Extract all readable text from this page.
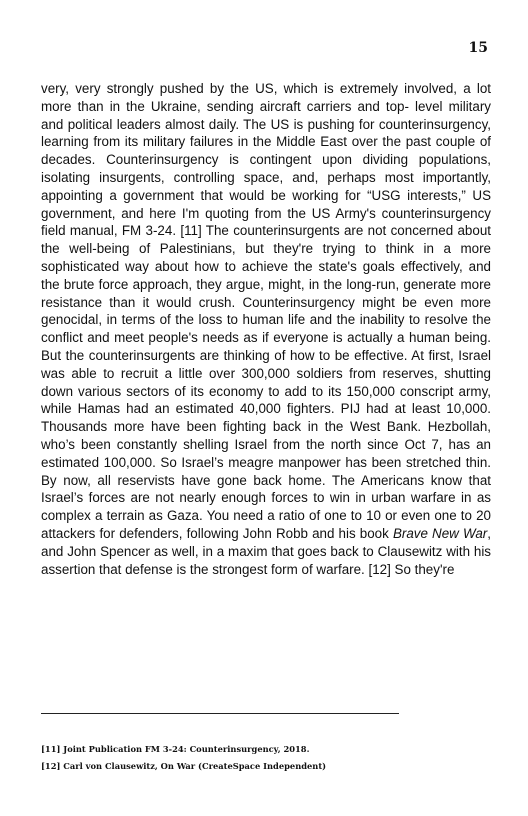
15

very, very strongly pushed by the US, which is extremely involved, a lot more than in the Ukraine, sending aircraft carriers and top- level military and political leaders almost daily. The US is pushing for counterinsurgency, learning from its military failures in the Middle East over the past couple of decades. Counterinsurgency is contingent upon dividing populations, isolating insurgents, controlling space, and, perhaps most importantly, appointing a government that would be working for “USG interests,” US government, and here I'm quoting from the US Army's counterinsurgency field manual, FM 3-24. [11] The counterinsurgents are not concerned about the well-being of Palestinians, but they're trying to think in a more sophisticated way about how to achieve the state's goals effectively, and the brute force approach, they argue, might, in the long-run, generate more resistance than it would crush. Counterinsurgency might be even more genocidal, in terms of the loss to human life and the inability to resolve the conflict and meet people's needs as if everyone is actually a human being. But the counterinsurgents are thinking of how to be effective. At first, Israel was able to recruit a little over 300,000 soldiers from reserves, shutting down various sectors of its economy to add to its 150,000 conscript army, while Hamas had an estimated 40,000 fighters. PIJ had at least 10,000. Thousands more have been fighting back in the West Bank. Hezbollah, who’s been constantly shelling Israel from the north since Oct 7, has an estimated 100,000. So Israel’s meagre manpower has been stretched thin. By now, all reservists have gone back home. The Americans know that Israel’s forces are not nearly enough forces to win in urban warfare in as complex a terrain as Gaza. You need a ratio of one to 10 or even one to 20 attackers for defenders, following John Robb and his book Brave New War, and John Spencer as well, in a maxim that goes back to Clausewitz with his assertion that defense is the strongest form of warfare. [12] So they're

[11] Joint Publication FM 3-24: Counterinsurgency, 2018.

[12] Carl von Clausewitz, On War (CreateSpace Independent)
